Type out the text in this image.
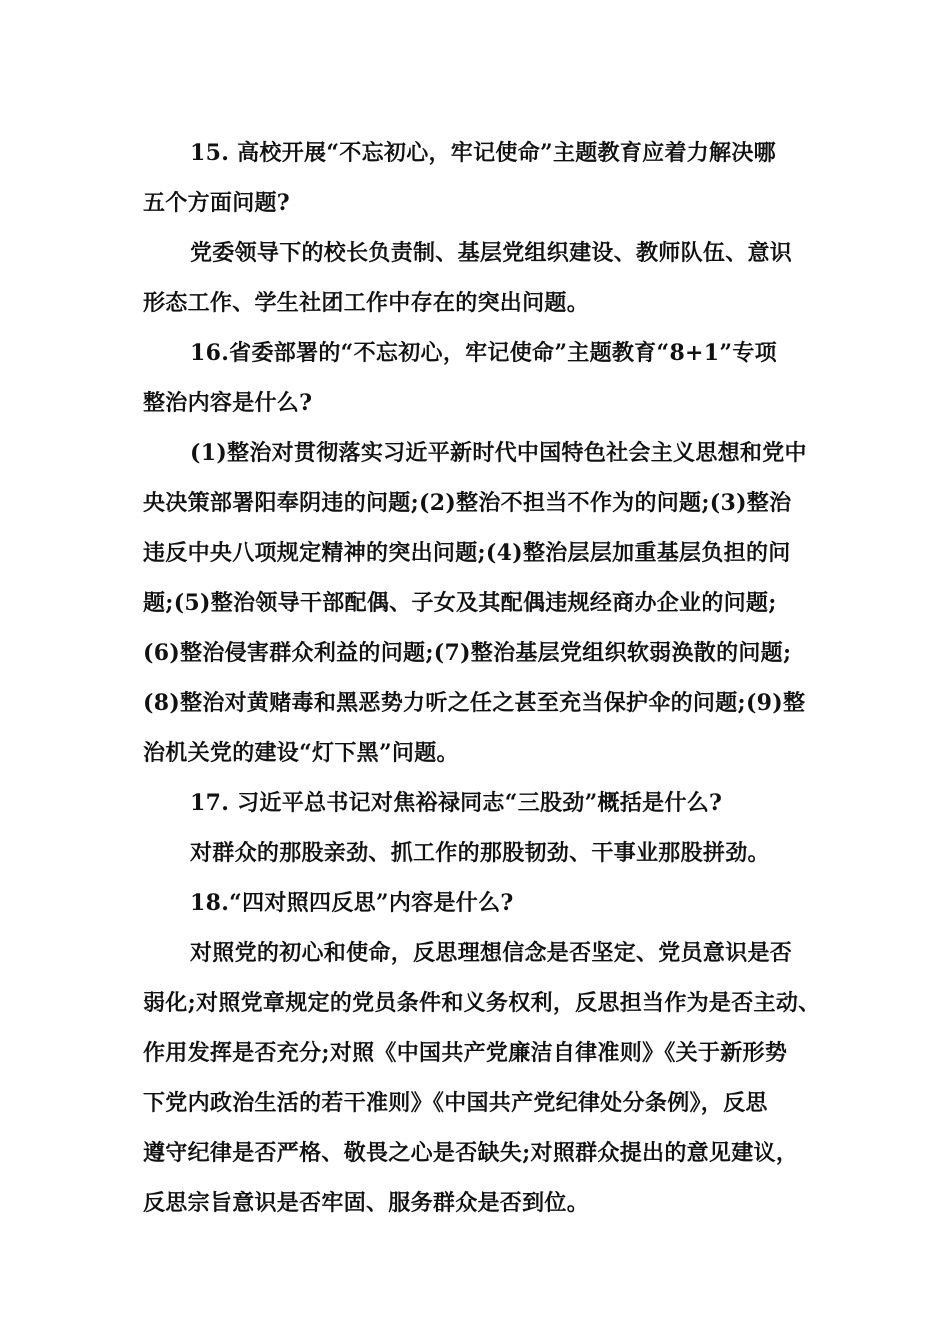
15. 高校开展“不忘初心，牢记使命”主题教育应着力解决哪
五个方面问题?
党委领导下的校长负责制、基层党组织建设、教师队伍、意识
形态工作、学生社团工作中存在的突出问题。
16.省委部署的“不忘初心，牢记使命”主题教育“8+1”专项
整治内容是什么?
(1)整治对贯彻落实习近平新时代中国特色社会主义思想和党中
央决策部署阳奉阴违的问题;(2)整治不担当不作为的问题;(3)整治
违反中央八项规定精神的突出问题;(4)整治层层加重基层负担的问
题;(5)整治领导干部配偶、子女及其配偶违规经商办企业的问题;
(6)整治侵害群众利益的问题;(7)整治基层党组织软弱涣散的问题;
(8)整治对黄赌毒和黑恶势力听之任之甚至充当保护伞的问题;(9)整
治机关党的建设“灯下黑”问题。
17. 习近平总书记对焦裕禄同志“三股劲”概括是什么?
对群众的那股亲劲、抓工作的那股韧劲、干事业那股拼劲。
18.“四对照四反思”内容是什么?
对照党的初心和使命，反思理想信念是否坚定、党员意识是否
弱化;对照党章规定的党员条件和义务权利，反思担当作为是否主动、
作用发挥是否充分;对照《中国共产党廉洁自律准则》《关于新形势
下党内政治生活的若干准则》《中国共产党纪律处分条例》，反思
遵守纪律是否严格、敬畏之心是否缺失;对照群众提出的意见建议，
反思宗旨意识是否牢固、服务群众是否到位。
